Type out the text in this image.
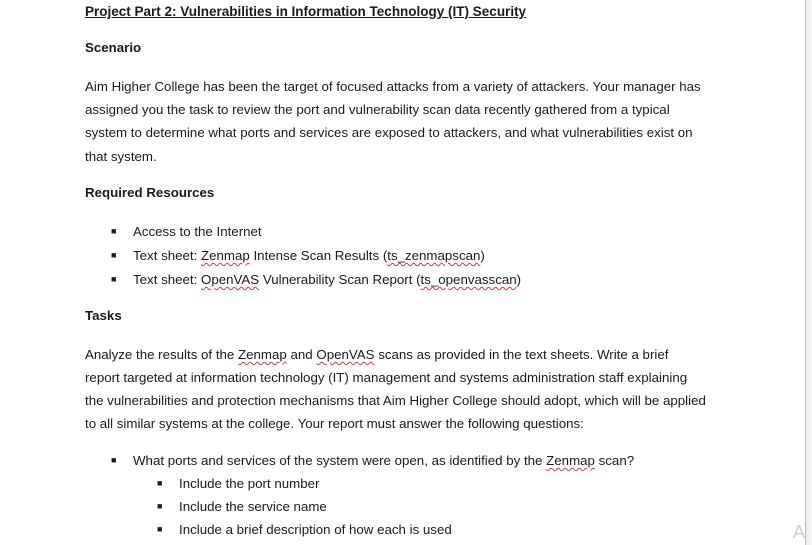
Project Part 2: Vulnerabilities in Information Technology (IT) Security
Scenario
Aim Higher College has been the target of focused attacks from a variety of attackers. Your manager has
assigned you the task to review the port and vulnerability scan data recently gathered from a typical
system to determine what ports and services are exposed to attackers, and what vulnerabilities exist on
that system.
Required Resources
■ Access to the Internet
■ Text sheet: Zenmap Intense Scan Results (ts_zenmapscan)
■ Text sheet: OpenVAS Vulnerability Scan Report (ts_openvasscan)
Tasks
Analyze the results of the Zenmap and OpenVAS scans as provided in the text sheets. Write a brief
report targeted at information technology (IT) management and systems administration staff explaining
the vulnerabilities and protection mechanisms that Aim Higher College should adopt, which will be applied
to all similar systems at the college. Your report must answer the following questions:
■ What ports and services of the system were open, as identified by the Zenmap scan?
■ Include the port number
■ Include the service name
■ Include a brief description of how each is used	A
